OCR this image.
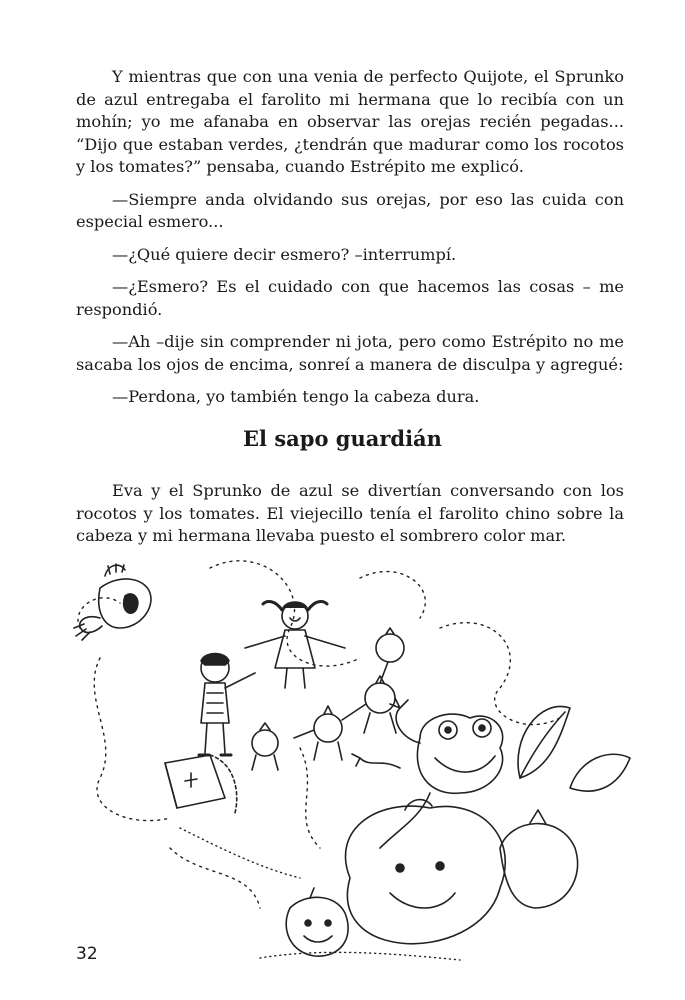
Y mientras que con una venia de perfecto Quijote, el Sprunko de azul entregaba el farolito mi hermana que lo recibía con un mohín; yo me afanaba en observar las orejas recién pegadas... “Dijo que estaban verdes, ¿tendrán que madurar como los rocotos y los tomates?” pensaba, cuando Estrépito me explicó.

—Siempre anda olvidando sus orejas, por eso las cuida con especial esmero...

—¿Qué quiere decir esmero? –interrumpí.

—¿Esmero? Es el cuidado con que hacemos las cosas – me respondió.

—Ah –dije sin comprender ni jota, pero como Estrépito no me sacaba los ojos de encima, sonreí a manera de disculpa y agregué:

—Perdona, yo también tengo la cabeza dura.

El sapo guardián

Eva y el Sprunko de azul se divertían conversando con los rocotos y los tomates. El viejecillo tenía el farolito chino sobre la cabeza y mi hermana llevaba puesto el sombrero color mar.

32
